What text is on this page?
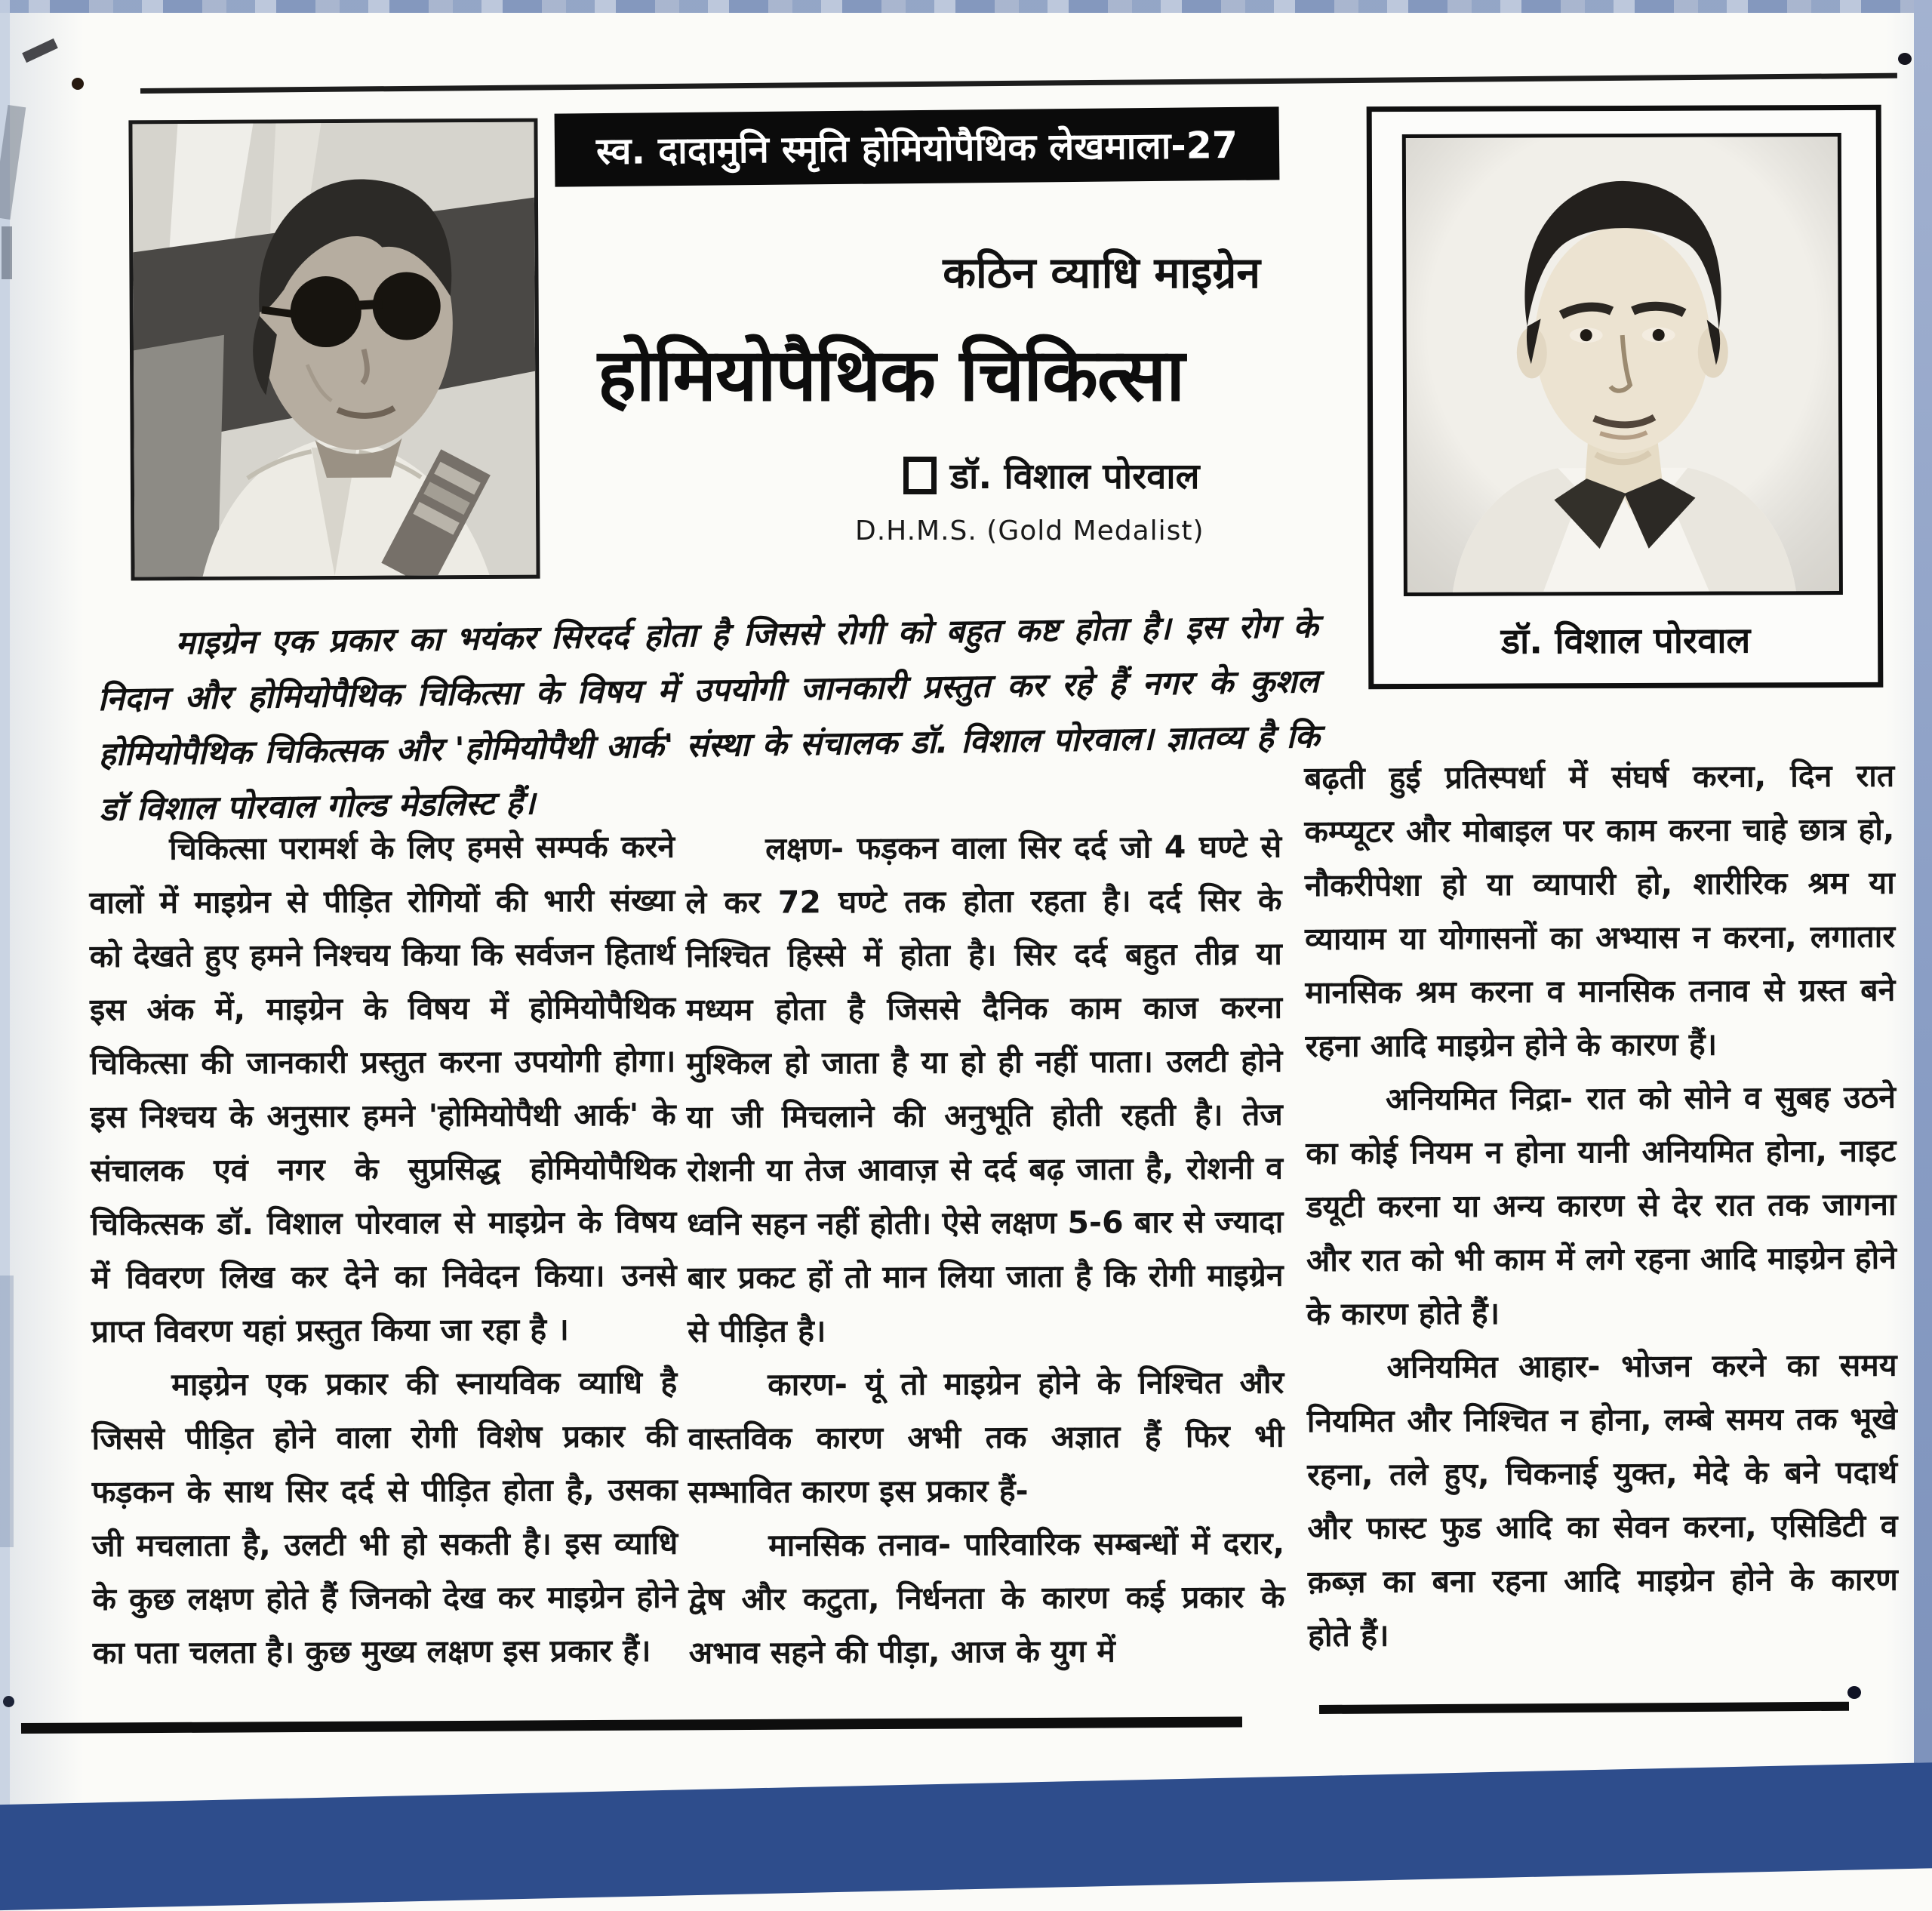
स्व. दादामुनि स्मृति होमियोपैथिक लेखमाला-27
कठिन व्याधि माइग्रेन
होमियोपैथिक चिकित्सा
डॉ. विशाल पोरवाल
D.H.M.S. (Gold Medalist)
डॉ. विशाल पोरवाल

माइग्रेन एक प्रकार का भयंकर सिरदर्द होता है जिससे रोगी को बहुत कष्ट होता है। इस रोग के निदान और होमियोपैथिक चिकित्सा के विषय में उपयोगी जानकारी प्रस्तुत कर रहे हैं नगर के कुशल होमियोपैथिक चिकित्सक और 'होमियोपैथी आर्क' संस्था के संचालक डॉ. विशाल पोरवाल। ज्ञातव्य है कि डॉ विशाल पोरवाल गोल्ड मेडलिस्ट हैं।

चिकित्सा परामर्श के लिए हमसे सम्पर्क करने वालों में माइग्रेन से पीड़ित रोगियों की भारी संख्या को देखते हुए हमने निश्चय किया कि सर्वजन हितार्थ इस अंक में, माइग्रेन के विषय में होमियोपैथिक चिकित्सा की जानकारी प्रस्तुत करना उपयोगी होगा। इस निश्चय के अनुसार हमने 'होमियोपैथी आर्क' के संचालक एवं नगर के सुप्रसिद्ध होमियोपैथिक चिकित्सक डॉ. विशाल पोरवाल से माइग्रेन के विषय में विवरण लिख कर देने का निवेदन किया। उनसे प्राप्त विवरण यहां प्रस्तुत किया जा रहा है ।

माइग्रेन एक प्रकार की स्नायविक व्याधि है जिससे पीड़ित होने वाला रोगी विशेष प्रकार की फड़कन के साथ सिर दर्द से पीड़ित होता है, उसका जी मचलाता है, उलटी भी हो सकती है। इस व्याधि के कुछ लक्षण होते हैं जिनको देख कर माइग्रेन होने का पता चलता है। कुछ मुख्य लक्षण इस प्रकार हैं।

लक्षण- फड़कन वाला सिर दर्द जो 4 घण्टे से ले कर 72 घण्टे तक होता रहता है। दर्द सिर के निश्चित हिस्से में होता है। सिर दर्द बहुत तीव्र या मध्यम होता है जिससे दैनिक काम काज करना मुश्किल हो जाता है या हो ही नहीं पाता। उलटी होने या जी मिचलाने की अनुभूति होती रहती है। तेज रोशनी या तेज आवाज़ से दर्द बढ़ जाता है, रोशनी व ध्वनि सहन नहीं होती। ऐसे लक्षण 5-6 बार से ज्यादा बार प्रकट हों तो मान लिया जाता है कि रोगी माइग्रेन से पीड़ित है।

कारण- यूं तो माइग्रेन होने के निश्चित और वास्तविक कारण अभी तक अज्ञात हैं फिर भी सम्भावित कारण इस प्रकार हैं-

मानसिक तनाव- पारिवारिक सम्बन्धों में दरार, द्वेष और कटुता, निर्धनता के कारण कई प्रकार के अभाव सहने की पीड़ा, आज के युग में

बढ़ती हुई प्रतिस्पर्धा में संघर्ष करना, दिन रात कम्प्यूटर और मोबाइल पर काम करना चाहे छात्र हो, नौकरीपेशा हो या व्यापारी हो, शारीरिक श्रम या व्यायाम या योगासनों का अभ्यास न करना, लगातार मानसिक श्रम करना व मानसिक तनाव से ग्रस्त बने रहना आदि माइग्रेन होने के कारण हैं।

अनियमित निद्रा- रात को सोने व सुबह उठने का कोई नियम न होना यानी अनियमित होना, नाइट डयूटी करना या अन्य कारण से देर रात तक जागना और रात को भी काम में लगे रहना आदि माइग्रेन होने के कारण होते हैं।

अनियमित आहार- भोजन करने का समय नियमित और निश्चित न होना, लम्बे समय तक भूखे रहना, तले हुए, चिकनाई युक्त, मेदे के बने पदार्थ और फास्ट फुड आदि का सेवन करना, एसिडिटी व क़ब्ज़ का बना रहना आदि माइग्रेन होने के कारण होते हैं।
